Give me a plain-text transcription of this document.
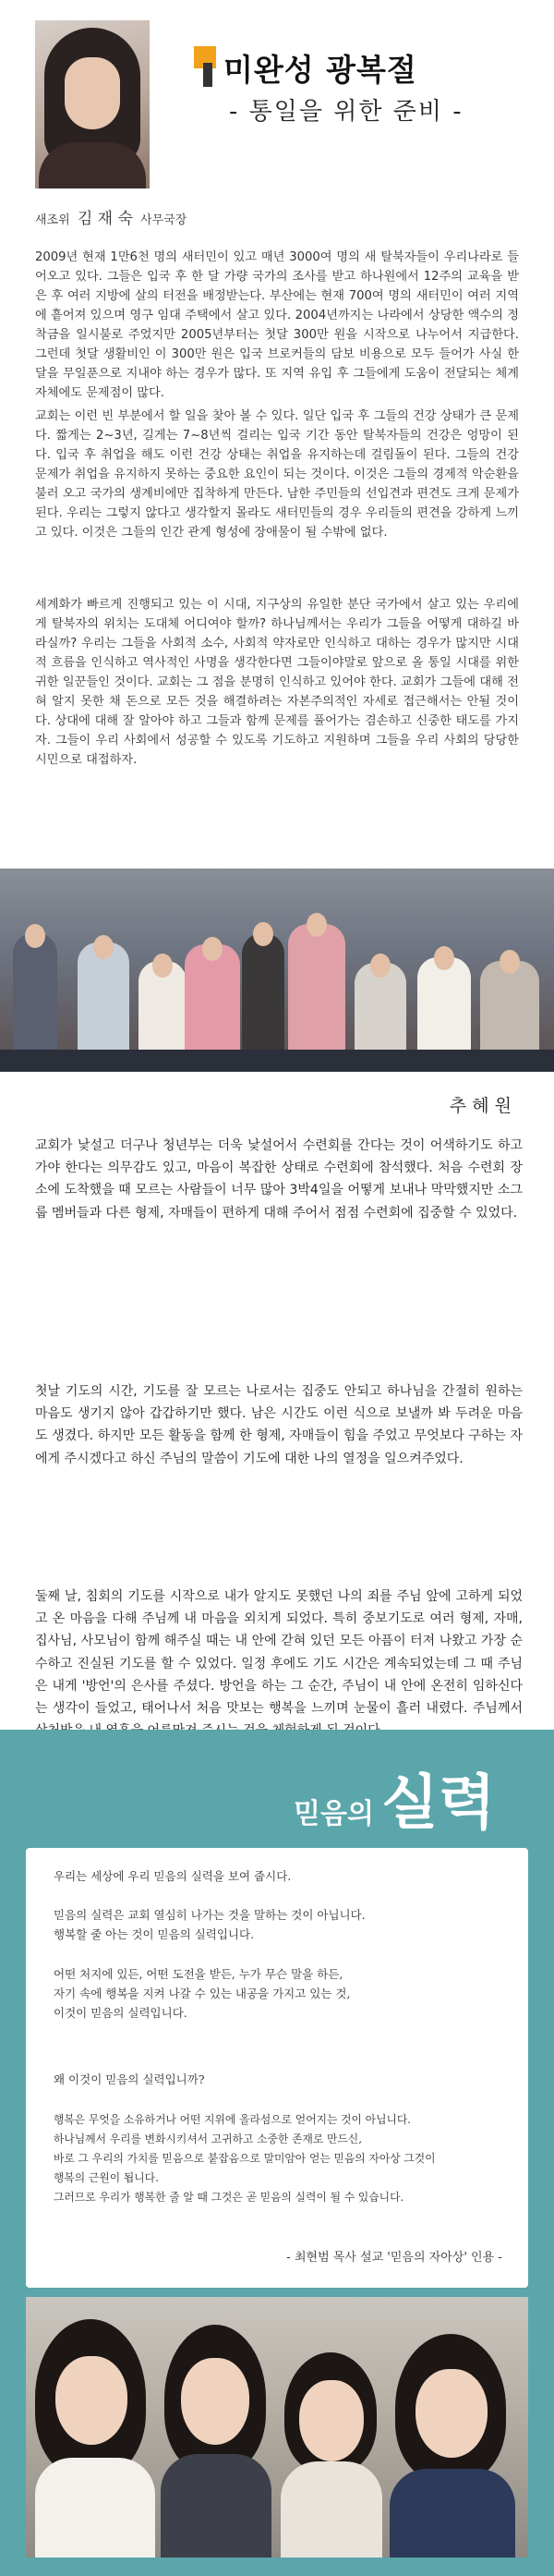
미완성 광복절
- 통일을 위한 준비 -
새조위 김 재 숙 사무국장

2009년 현재 1만6천 명의 새터민이 있고 매년 3000여 명의 새 탈북자들이 우리나라로 들어오고 있다. 그들은 입국 후 한 달 가량 국가의 조사를 받고 하나원에서 12주의 교육을 받은 후 여러 지방에 살의 터전을 배정받는다. 부산에는 현재 700여 명의 새터민이 여러 지역에 흩어져 있으며 영구 임대 주택에서 살고 있다. 2004년까지는 나라에서 상당한 액수의 정착금을 일시불로 주었지만 2005년부터는 첫달 300만 원을 시작으로 나누어서 지급한다. 그런데 첫달 생활비인 이 300만 원은 입국 브로커들의 담보 비용으로 모두 들어가 사실 한 달을 무일푼으로 지내야 하는 경우가 많다. 또 지역 유입 후 그들에게 도움이 전달되는 체계 자체에도 문제점이 많다.

교회는 이런 빈 부분에서 할 일을 찾아 볼 수 있다. 일단 입국 후 그들의 건강 상태가 큰 문제다. 짧게는 2~3년, 길게는 7~8년씩 걸리는 입국 기간 동안 탈북자들의 건강은 엉망이 된다. 입국 후 취업을 해도 이런 건강 상태는 취업을 유지하는데 걸림돌이 된다. 그들의 건강 문제가 취업을 유지하지 못하는 중요한 요인이 되는 것이다. 이것은 그들의 경제적 악순환을 불러 오고 국가의 생계비에만 집착하게 만든다. 남한 주민들의 선입견과 편견도 크게 문제가 된다. 우리는 그렇지 않다고 생각할지 몰라도 새터민들의 경우 우리들의 편견을 강하게 느끼고 있다. 이것은 그들의 인간 관계 형성에 장애물이 될 수밖에 없다.

세계화가 빠르게 진행되고 있는 이 시대, 지구상의 유일한 분단 국가에서 살고 있는 우리에게 탈북자의 위치는 도대체 어디여야 할까? 하나님께서는 우리가 그들을 어떻게 대하길 바라실까? 우리는 그들을 사회적 소수, 사회적 약자로만 인식하고 대하는 경우가 많지만 시대적 흐름을 인식하고 역사적인 사명을 생각한다면 그들이야말로 앞으로 올 통일 시대를 위한 귀한 일꾼들인 것이다. 교회는 그 점을 분명히 인식하고 있어야 한다. 교회가 그들에 대해 전혀 알지 못한 채 돈으로 모든 것을 해결하려는 자본주의적인 자세로 접근해서는 안될 것이다. 상대에 대해 잘 알아야 하고 그들과 함께 문제를 풀어가는 겸손하고 신중한 태도를 가지자. 그들이 우리 사회에서 성공할 수 있도록 기도하고 지원하며 그들을 우리 사회의 당당한 시민으로 대접하자.

추 혜 원

교회가 낯설고 더구나 청년부는 더욱 낯설어서 수련회를 간다는 것이 어색하기도 하고 가야 한다는 의무감도 있고, 마음이 복잡한 상태로 수련회에 참석했다. 처음 수련회 장소에 도착했을 때 모르는 사람들이 너무 많아 3박4일을 어떻게 보내나 막막했지만 소그룹 멤버들과 다른 형제, 자매들이 편하게 대해 주어서 점점 수련회에 집중할 수 있었다.

첫날 기도의 시간, 기도를 잘 모르는 나로서는 집중도 안되고 하나님을 간절히 원하는 마음도 생기지 않아 갑갑하기만 했다. 남은 시간도 이런 식으로 보낼까 봐 두려운 마음도 생겼다. 하지만 모든 활동을 함께 한 형제, 자매들이 힘을 주었고 무엇보다 구하는 자에게 주시겠다고 하신 주님의 말씀이 기도에 대한 나의 열정을 일으켜주었다.

둘째 날, 침회의 기도를 시작으로 내가 알지도 못했던 나의 죄를 주님 앞에 고하게 되었고 온 마음을 다해 주님께 내 마음을 외치게 되었다. 특히 중보기도로 여러 형제, 자매, 집사님, 사모님이 함께 해주실 때는 내 안에 갇혀 있던 모든 아픔이 터져 나왔고 가장 순수하고 진실된 기도를 할 수 있었다. 일정 후에도 기도 시간은 계속되었는데 그 때 주님은 내게 '방언'의 은사를 주셨다. 방언을 하는 그 순간, 주님이 내 안에 온전히 임하신다는 생각이 들었고, 태어나서 처음 맛보는 행복을 느끼며 눈물이 흘러 내렸다. 주님께서

믿음의 실력

우리는 세상에 우리 믿음의 실력을 보여 줍시다.

믿음의 실력은 교회 열심히 나가는 것을 말하는 것이 아닙니다.
행복할 줄 아는 것이 믿음의 실력입니다.

어떤 처지에 있든, 어떤 도전을 받든, 누가 무슨 말을 하든,
자기 속에 행복을 지켜 나갈 수 있는 내공을 가지고 있는 것,
이것이 믿음의 실력입니다.

왜 이것이 믿음의 실력입니까?

행복은 무엇을 소유하거나 어떤 지위에 올라섬으로 얻어지는 것이 아닙니다.
하나님께서 우리를 변화시키셔서 고귀하고 소중한 존재로 만드신,
바로 그 우리의 가치를 믿음으로 붙잡음으로 말미암아 얻는 믿음의 자아상 그것이
행복의 근원이 됩니다.
그러므로 우리가 행복한 줄 알 때 그것은 곧 믿음의 실력이 될 수 있습니다.

- 최현범 목사 설교 '믿음의 자아상' 인용 -
